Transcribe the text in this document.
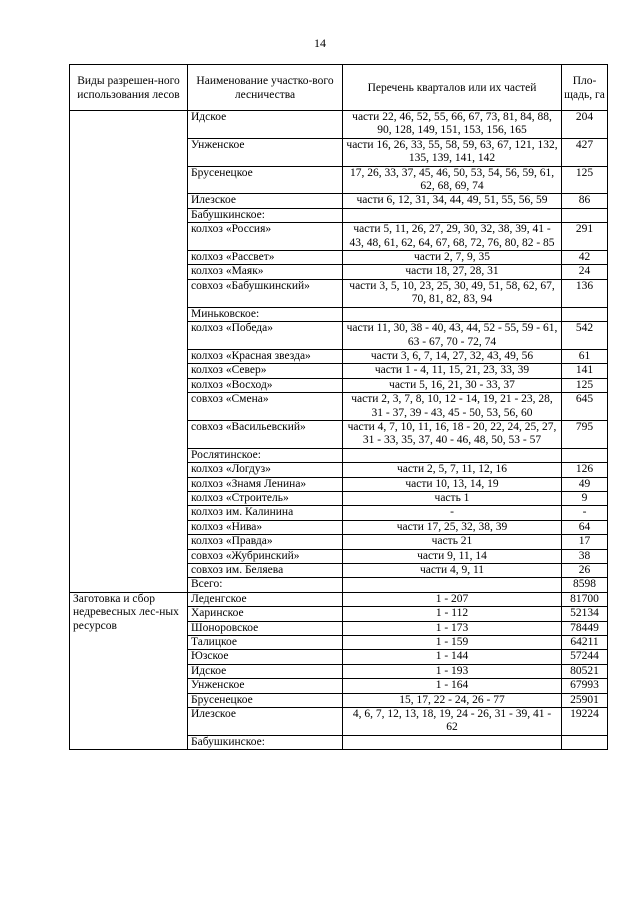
14
Виды разрешен-ного использования лесов	Наименование участко-вого лесничества	Перечень кварталов или их частей	Пло-щадь, га
	Идское	части 22, 46, 52, 55, 66, 67, 73, 81, 84, 88, 90, 128, 149, 151, 153, 156, 165	204
	Унженское	части 16, 26, 33, 55, 58, 59, 63, 67, 121, 132, 135, 139, 141, 142	427
	Брусенецкое	17, 26, 33, 37, 45, 46, 50, 53, 54, 56, 59, 61, 62, 68, 69, 74	125
	Илезское	части 6, 12, 31, 34, 44, 49, 51, 55, 56, 59	86
	Бабушкинское:		
	колхоз «Россия»	части 5, 11, 26, 27, 29, 30, 32, 38, 39, 41 - 43, 48, 61, 62, 64, 67, 68, 72, 76, 80, 82 - 85	291
	колхоз «Рассвет»	части 2, 7, 9, 35	42
	колхоз «Маяк»	части 18, 27, 28, 31	24
	совхоз «Бабушкинский»	части 3, 5, 10, 23, 25, 30, 49, 51, 58, 62, 67, 70, 81, 82, 83, 94	136
	Миньковское:		
	колхоз «Победа»	части 11, 30, 38 - 40, 43, 44, 52 - 55, 59 - 61, 63 - 67, 70 - 72, 74	542
	колхоз «Красная звезда»	части 3, 6, 7, 14, 27, 32, 43, 49, 56	61
	колхоз «Север»	части 1 - 4, 11, 15, 21, 23, 33, 39	141
	колхоз «Восход»	части 5, 16, 21, 30 - 33, 37	125
	совхоз «Смена»	части 2, 3, 7, 8, 10, 12 - 14, 19, 21 - 23, 28, 31 - 37, 39 - 43, 45 - 50, 53, 56, 60	645
	совхоз «Васильевский»	части 4, 7, 10, 11, 16, 18 - 20, 22, 24, 25, 27, 31 - 33, 35, 37, 40 - 46, 48, 50, 53 - 57	795
	Рослятинское:		
	колхоз «Логдуз»	части 2, 5, 7, 11, 12, 16	126
	колхоз «Знамя Ленина»	части 10, 13, 14, 19	49
	колхоз «Строитель»	часть 1	9
	колхоз им. Калинина	-	-
	колхоз «Нива»	части 17, 25, 32, 38, 39	64
	колхоз «Правда»	часть 21	17
	совхоз «Жубринский»	части 9, 11, 14	38
	совхоз им. Беляева	части 4, 9, 11	26
	Всего:		8598
Заготовка и сбор недревесных лес-ных ресурсов	Леденгское	1 - 207	81700
	Харинское	1 - 112	52134
	Шоноровское	1 - 173	78449
	Талицкое	1 - 159	64211
	Юзское	1 - 144	57244
	Идское	1 - 193	80521
	Унженское	1 - 164	67993
	Брусенецкое	15, 17, 22 - 24, 26 - 77	25901
	Илезское	4, 6, 7, 12, 13, 18, 19, 24 - 26, 31 - 39, 41 - 62	19224
	Бабушкинское:		
